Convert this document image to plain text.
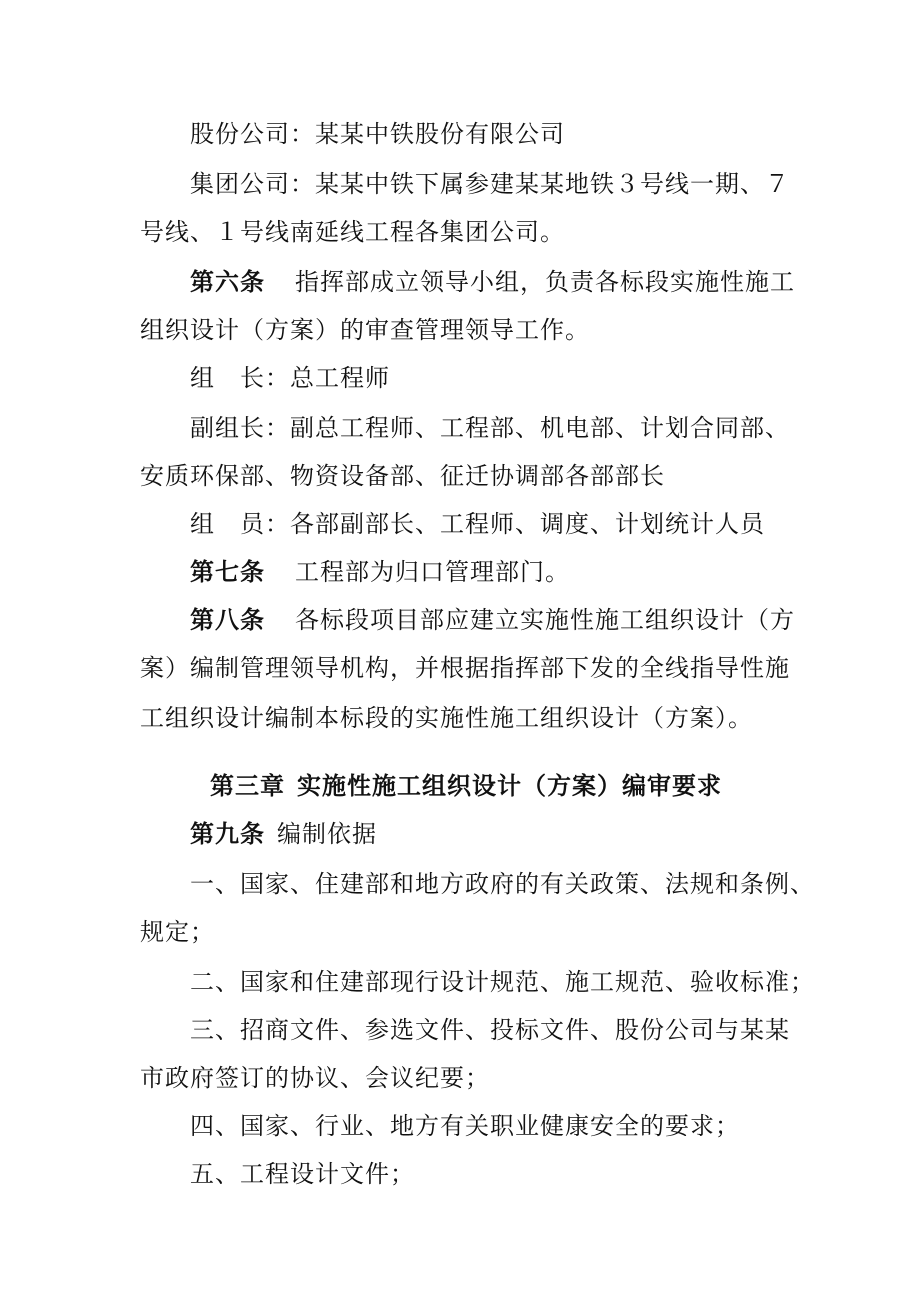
股份公司：某某中铁股份有限公司
集团公司：某某中铁下属参建某某地铁３号线一期、７
号线、１号线南延线工程各集团公司。
第六条 指挥部成立领导小组，负责各标段实施性施工
组织设计（方案）的审查管理领导工作。
组　长：总工程师
副组长：副总工程师、工程部、机电部、计划合同部、
安质环保部、物资设备部、征迁协调部各部部长
组　员：各部副部长、工程师、调度、计划统计人员
第七条 工程部为归口管理部门。
第八条 各标段项目部应建立实施性施工组织设计（方
案）编制管理领导机构，并根据指挥部下发的全线指导性施
工组织设计编制本标段的实施性施工组织设计（方案）。
第三章 实施性施工组织设计（方案）编审要求
第九条 编制依据
一、国家、住建部和地方政府的有关政策、法规和条例、
规定；
二、国家和住建部现行设计规范、施工规范、验收标准；
三、招商文件、参选文件、投标文件、股份公司与某某
市政府签订的协议、会议纪要；
四、国家、行业、地方有关职业健康安全的要求；
五、工程设计文件；
